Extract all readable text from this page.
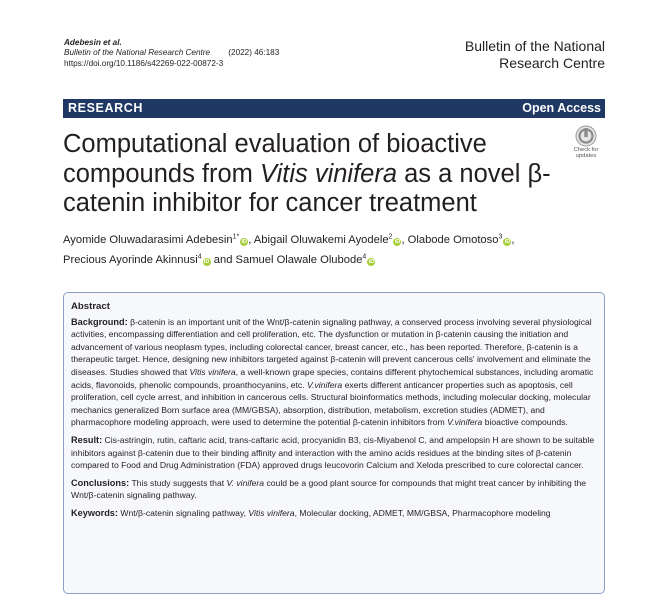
Adebesin et al.
Bulletin of the National Research Centre (2022) 46:183
https://doi.org/10.1186/s42269-022-00872-3
Bulletin of the National
Research Centre
RESEARCH	Open Access
Check for
updates
Computational evaluation of bioactive compounds from Vitis vinifera as a novel β-catenin inhibitor for cancer treatment
Ayomide Oluwadarasimi Adebesin$^{1*}$iD, Abigail Oluwakemi Ayodele$^2$iD, Olabode Omotoso$^3$iD,
Precious Ayorinde Akinnusi$^4$iD and Samuel Olawale Olubode$^4$iD
Abstract

Background: β-catenin is an important unit of the Wnt/β-catenin signaling pathway, a conserved process involving several physiological activities, encompassing differentiation and cell proliferation, etc. The dysfunction or mutation in β-catenin causing the initiation and advancement of various neoplasm types, including colorectal cancer, breast cancer, etc., has been reported. Therefore, β-catenin is a therapeutic target. Hence, designing new inhibitors targeted against β-catenin will prevent cancerous cells' involvement and eliminate the diseases. Studies showed that Vitis vinifera, a well-known grape species, contains different phytochemical substances, including aromatic acids, flavonoids, phenolic compounds, proanthocyanins, etc. V.vinifera exerts different anticancer properties such as apoptosis, cell proliferation, cell cycle arrest, and inhibition in cancerous cells. Structural bioinformatics methods, including molecular docking, molecular mechanics generalized Born surface area (MM/GBSA), absorption, distribution, metabolism, excretion studies (ADMET), and pharmacophore modeling approach, were used to determine the potential β-catenin inhibitors from V.vinifera bioactive compounds.

Result: Cis-astringin, rutin, caftaric acid, trans-caftaric acid, procyanidin B3, cis-Miyabenol C, and ampelopsin H are shown to be suitable inhibitors against β-catenin due to their binding affinity and interaction with the amino acids residues at the binding sites of β-catenin compared to Food and Drug Administration (FDA) approved drugs leucovorin Calcium and Xeloda prescribed to cure colorectal cancer.

Conclusions: This study suggests that V. vinifera could be a good plant source for compounds that might treat cancer by inhibiting the Wnt/β-catenin signaling pathway.

Keywords: Wnt/β-catenin signaling pathway, Vitis vinifera, Molecular docking, ADMET, MM/GBSA, Pharmacophore modeling
